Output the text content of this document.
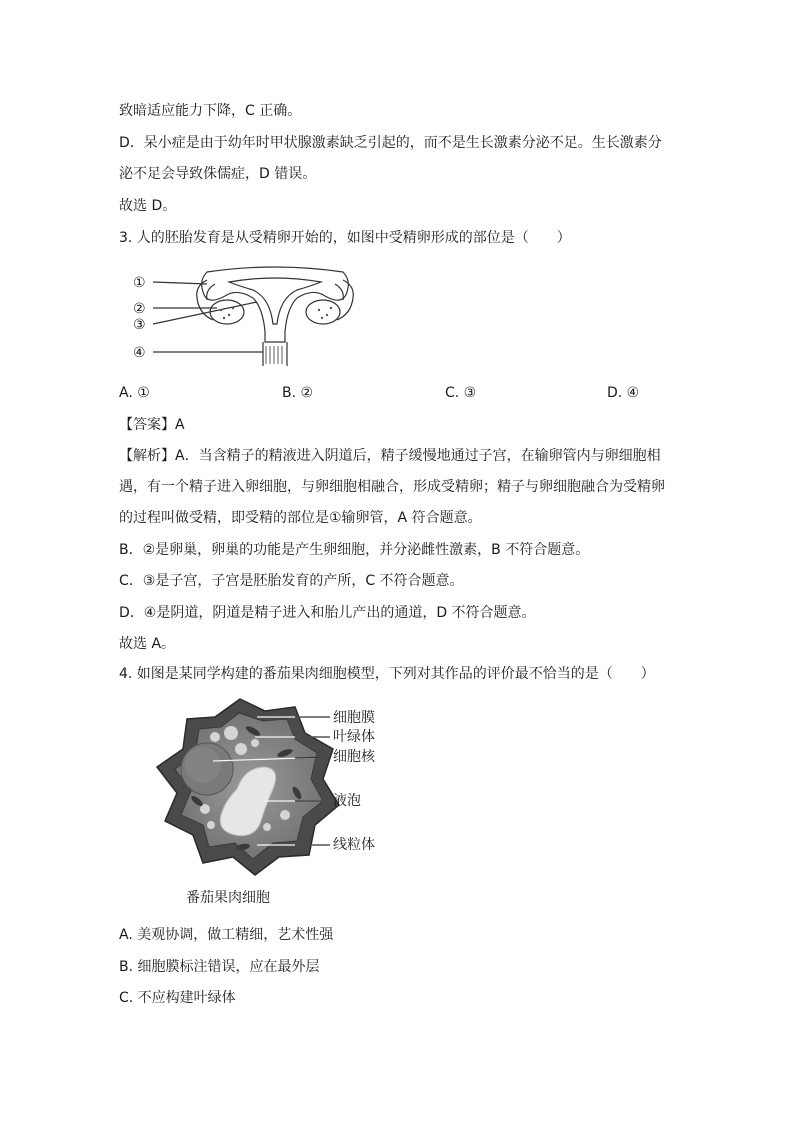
致暗适应能力下降，C 正确。
D．呆小症是由于幼年时甲状腺激素缺乏引起的，而不是生长激素分泌不足。生长激素分
泌不足会导致侏儒症，D 错误。
故选 D。
3. 人的胚胎发育是从受精卵开始的，如图中受精卵形成的部位是（　　）
①
②
③
④
A. ①	B. ②	C. ③	D. ④
【答案】A
【解析】A．当含精子的精液进入阴道后，精子缓慢地通过子宫，在输卵管内与卵细胞相
遇，有一个精子进入卵细胞，与卵细胞相融合，形成受精卵；精子与卵细胞融合为受精卵
的过程叫做受精，即受精的部位是①输卵管，A 符合题意。
B．②是卵巢，卵巢的功能是产生卵细胞，并分泌雌性激素，B 不符合题意。
C．③是子宫，子宫是胚胎发育的产所，C 不符合题意。
D．④是阴道，阴道是精子进入和胎儿产出的通道，D 不符合题意。
故选 A。
4. 如图是某同学构建的番茄果肉细胞模型，下列对其作品的评价最不恰当的是（　　）
细胞膜
叶绿体
细胞核
液泡
线粒体
番茄果肉细胞
A. 美观协调，做工精细，艺术性强
B. 细胞膜标注错误，应在最外层
C. 不应构建叶绿体
